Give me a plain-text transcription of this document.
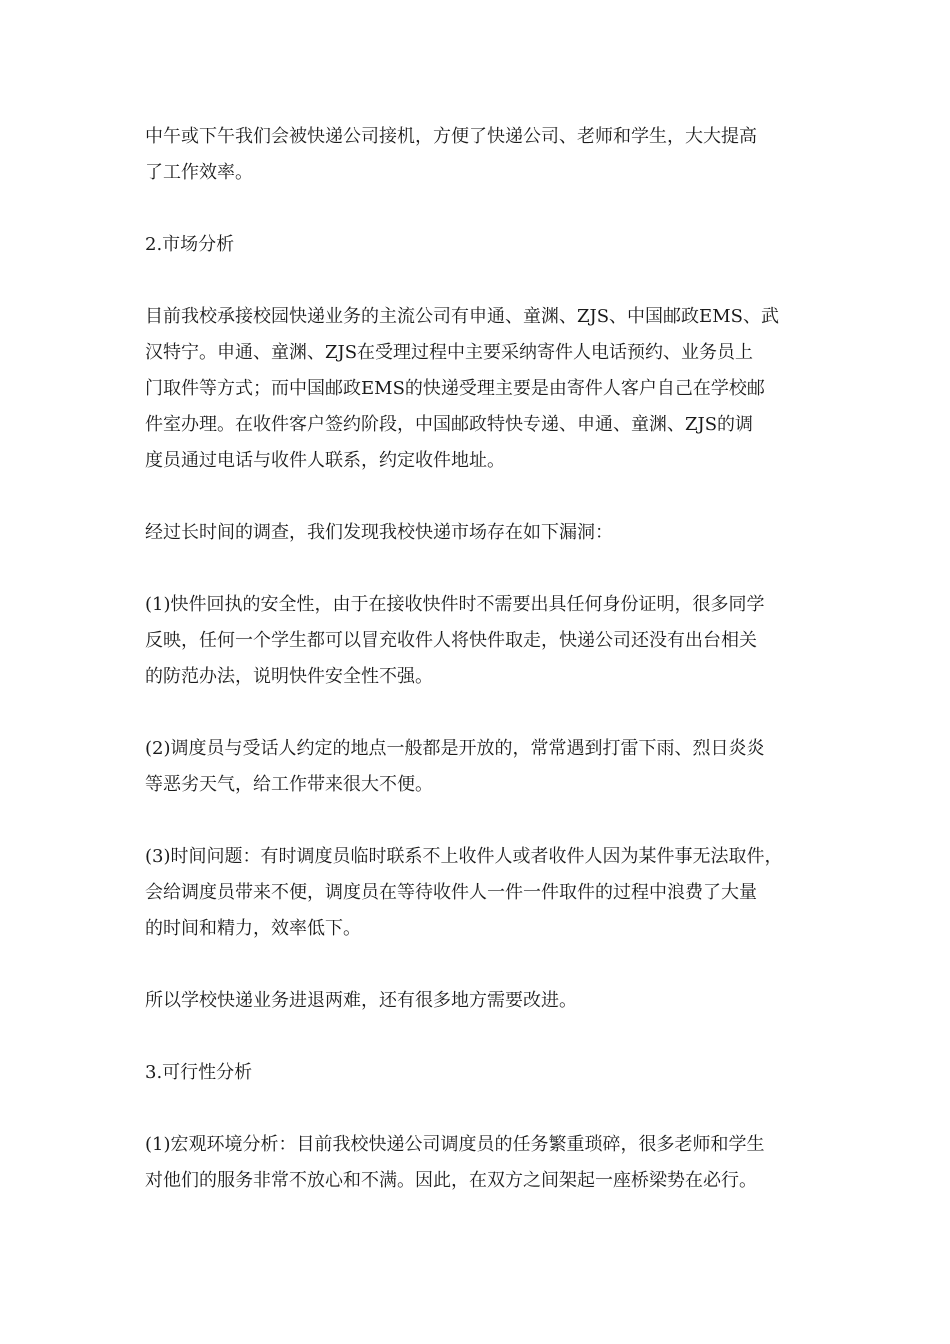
中午或下午我们会被快递公司接机，方便了快递公司、老师和学生，大大提高
了工作效率。
2.市场分析
目前我校承接校园快递业务的主流公司有申通、童渊、ZJS、中国邮政EMS、武
汉特宁。申通、童渊、ZJS在受理过程中主要采纳寄件人电话预约、业务员上
门取件等方式；而中国邮政EMS的快递受理主要是由寄件人客户自己在学校邮
件室办理。在收件客户签约阶段，中国邮政特快专递、申通、童渊、ZJS的调
度员通过电话与收件人联系，约定收件地址。
经过长时间的调查，我们发现我校快递市场存在如下漏洞：
(1)快件回执的安全性，由于在接收快件时不需要出具任何身份证明，很多同学
反映，任何一个学生都可以冒充收件人将快件取走，快递公司还没有出台相关
的防范办法，说明快件安全性不强。
(2)调度员与受话人约定的地点一般都是开放的，常常遇到打雷下雨、烈日炎炎
等恶劣天气，给工作带来很大不便。
(3)时间问题：有时调度员临时联系不上收件人或者收件人因为某件事无法取件，
会给调度员带来不便，调度员在等待收件人一件一件取件的过程中浪费了大量
的时间和精力，效率低下。
所以学校快递业务进退两难，还有很多地方需要改进。
3.可行性分析
(1)宏观环境分析：目前我校快递公司调度员的任务繁重琐碎，很多老师和学生
对他们的服务非常不放心和不满。因此，在双方之间架起一座桥梁势在必行。
